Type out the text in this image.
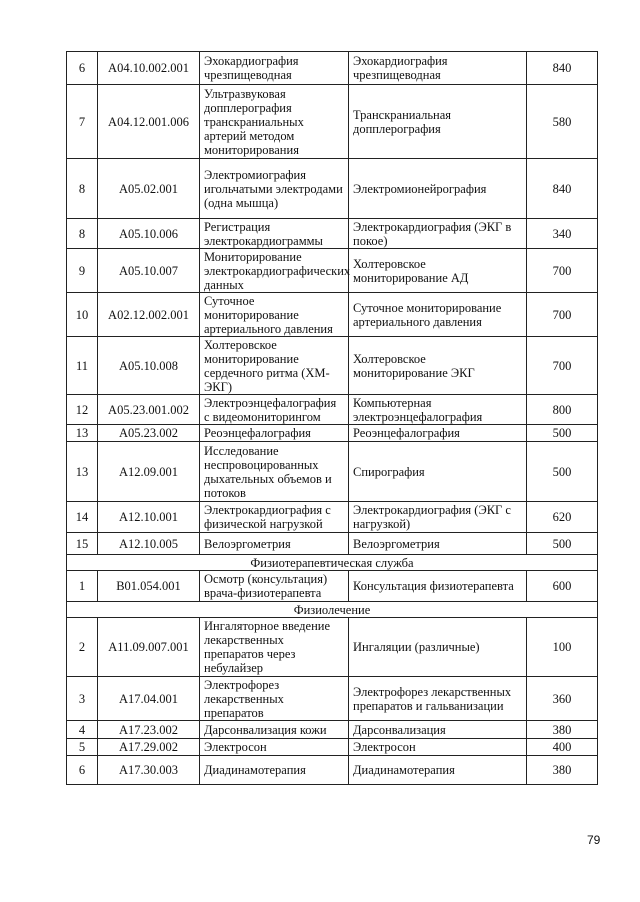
6	A04.10.002.001	Эхокардиография чрезпищеводная	Эхокардиография чрезпищеводная	840
7	A04.12.001.006	Ультразвуковая допплерография транскраниальных артерий методом мониторирования	Транскраниальная допплерография	580
8	A05.02.001	Электромиография игольчатыми электродами (одна мышца)	Электромионейрография	840
8	A05.10.006	Регистрация электрокардиограммы	Электрокардиография (ЭКГ в покое)	340
9	A05.10.007	Мониторирование электрокардиографических данных	Холтеровское мониторирование АД	700
10	A02.12.002.001	Суточное мониторирование артериального давления	Суточное мониторирование артериального давления	700
11	A05.10.008	Холтеровское мониторирование сердечного ритма (ХМ-ЭКГ)	Холтеровское мониторирование ЭКГ	700
12	A05.23.001.002	Электроэнцефалография с видеомониторингом	Компьютерная электроэнцефалография	800
13	A05.23.002	Реоэнцефалография	Реоэнцефалография	500
13	A12.09.001	Исследование неспровоцированных дыхательных объемов и потоков	Спирография	500
14	A12.10.001	Электрокардиография с физической нагрузкой	Электрокардиография (ЭКГ с нагрузкой)	620
15	A12.10.005	Велоэргометрия	Велоэргометрия	500
Физиотерапевтическая служба				
1	B01.054.001	Осмотр (консультация) врача-физиотерапевта	Консультация физиотерапевта	600
Физиолечение				
2	A11.09.007.001	Ингаляторное введение лекарственных препаратов через небулайзер	Ингаляции (различные)	100
3	A17.04.001	Электрофорез лекарственных препаратов	Электрофорез лекарственных препаратов и гальванизации	360
4	A17.23.002	Дарсонвализация кожи	Дарсонвализация	380
5	A17.29.002	Электросон	Электросон	400
6	A17.30.003	Диадинамотерапия	Диадинамотерапия	380
79
